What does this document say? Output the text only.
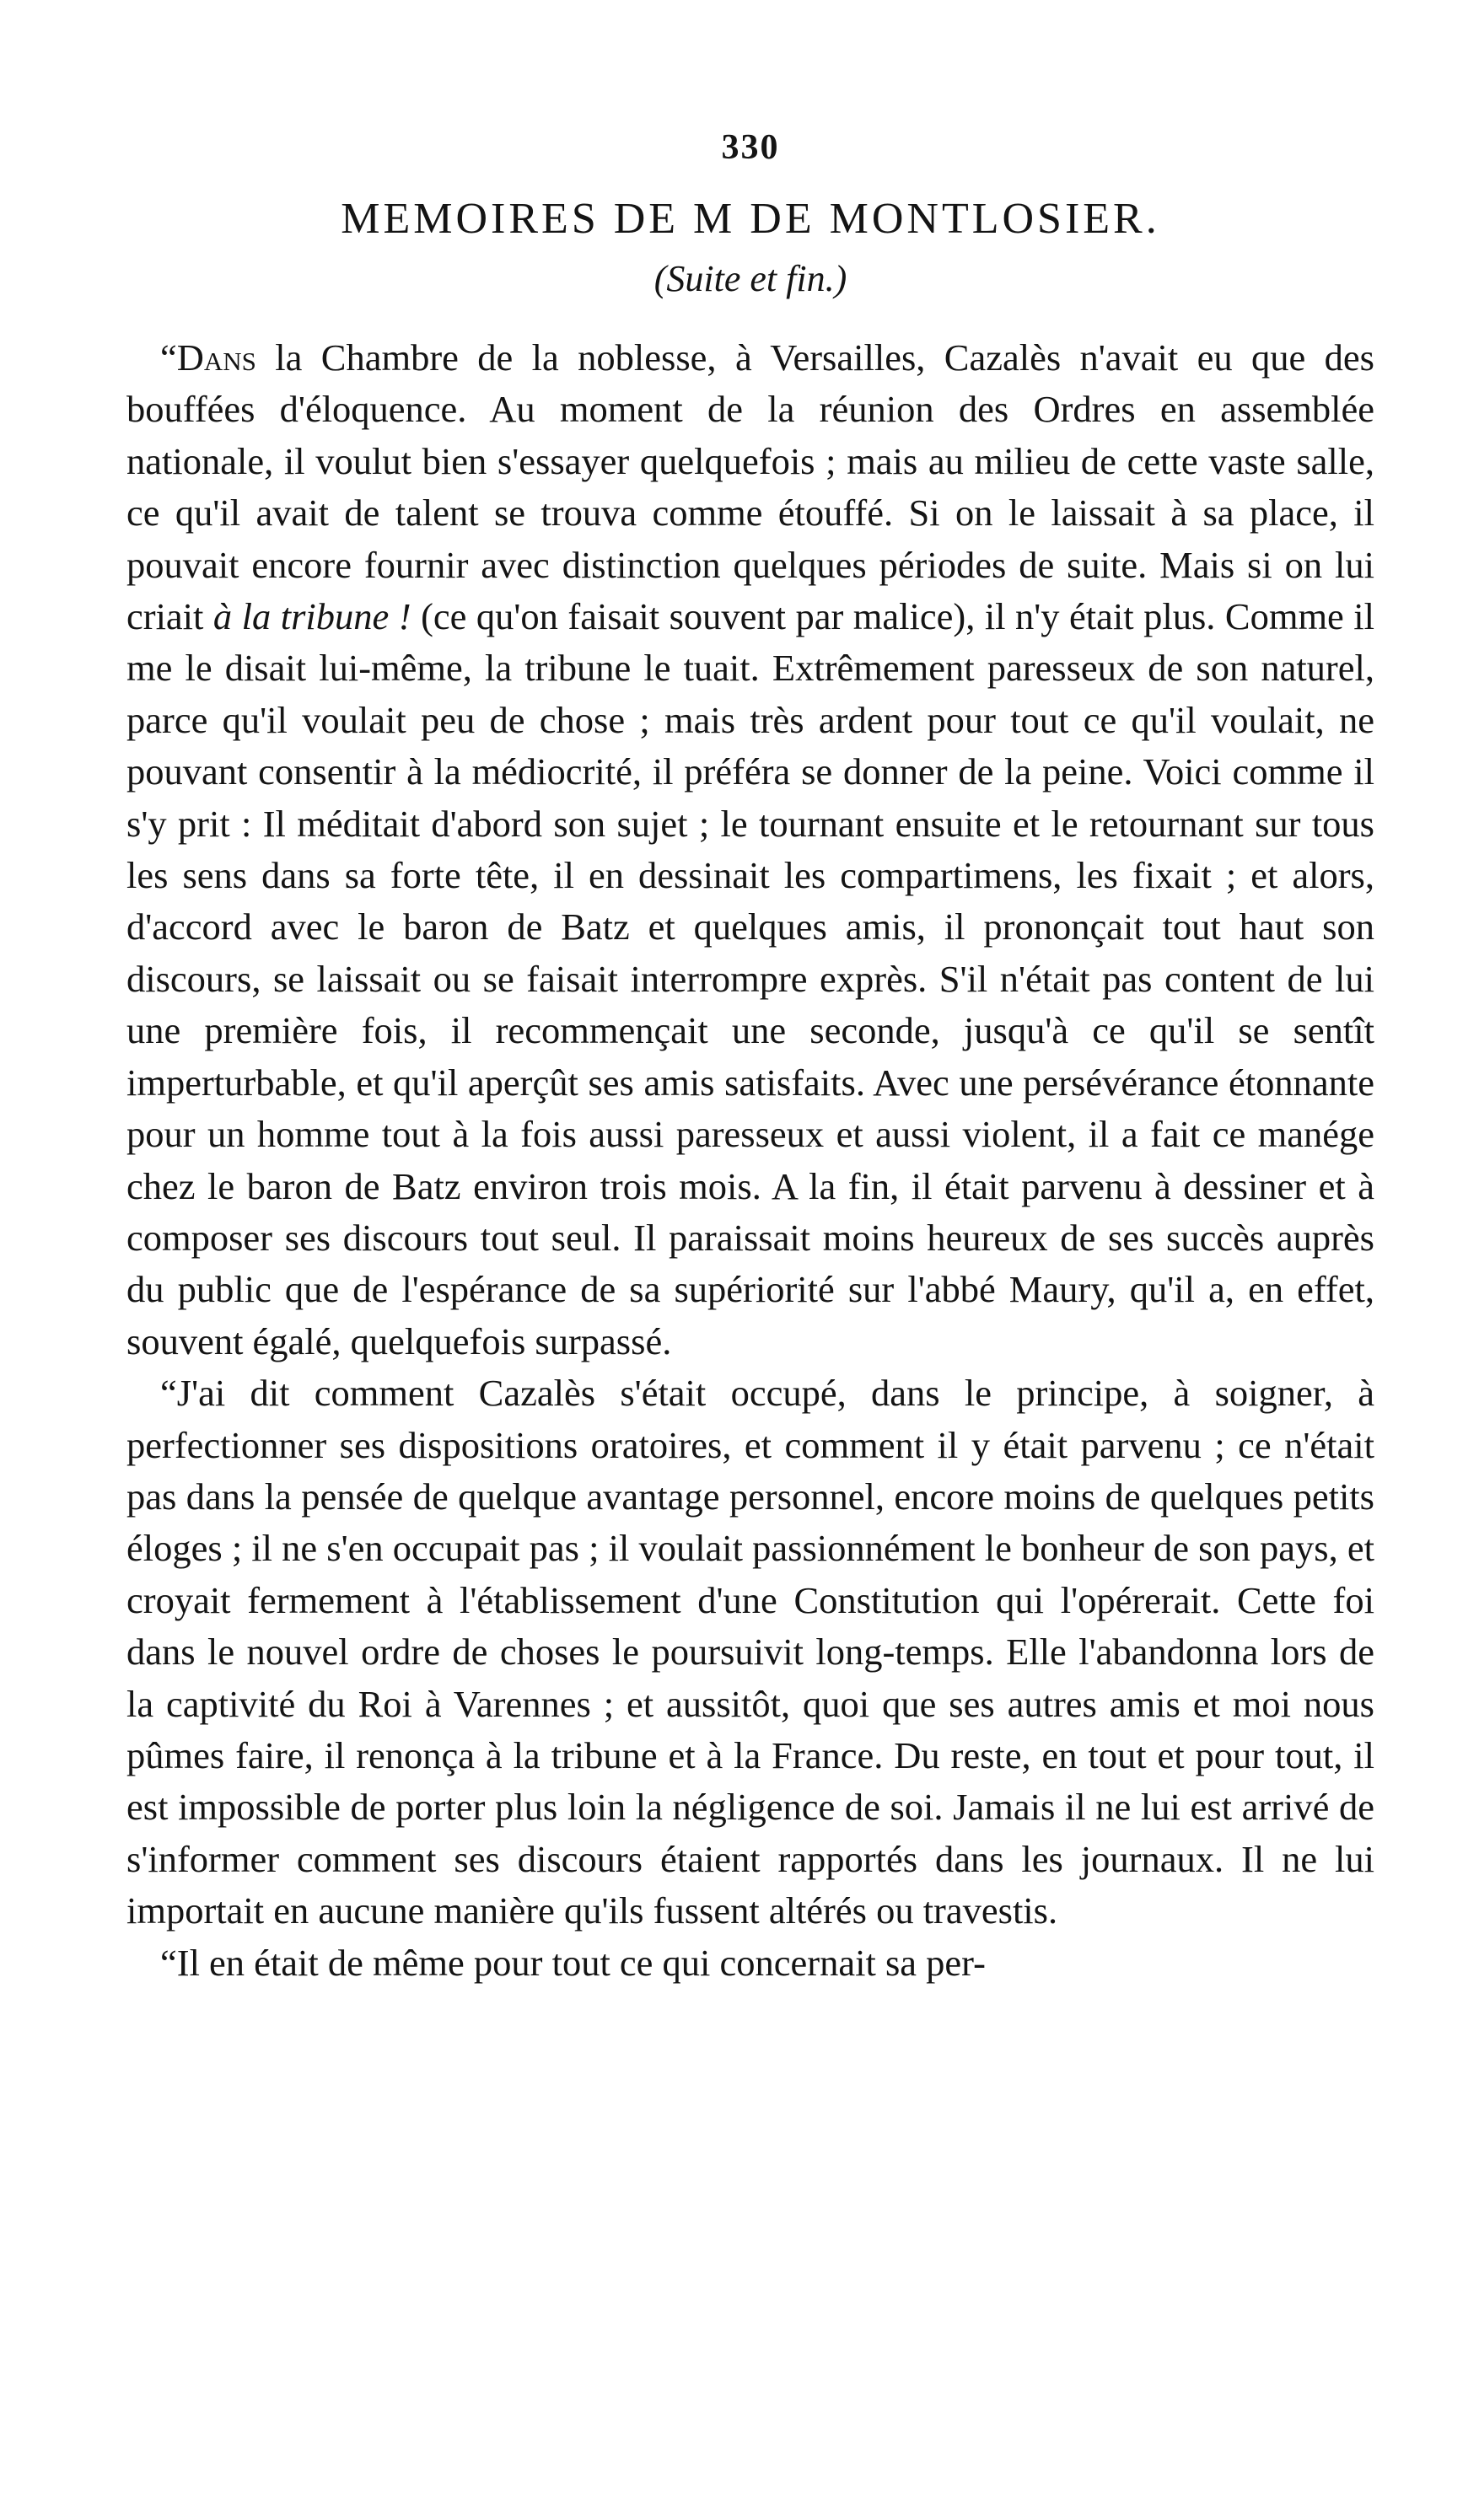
330
MEMOIRES DE M DE MONTLOSIER.
(Suite et fin.)

“Dans la Chambre de la noblesse, à Versailles, Cazalès n'avait eu que des bouffées d'éloquence. Au moment de la réunion des Ordres en assemblée nationale, il voulut bien s'essayer quelquefois ; mais au milieu de cette vaste salle, ce qu'il avait de talent se trouva comme étouffé. Si on le laissait à sa place, il pouvait encore fournir avec distinction quelques périodes de suite. Mais si on lui criait à la tribune ! (ce qu'on faisait souvent par malice), il n'y était plus. Comme il me le disait lui-même, la tribune le tuait. Extrêmement paresseux de son naturel, parce qu'il voulait peu de chose ; mais très ardent pour tout ce qu'il voulait, ne pouvant consentir à la médiocrité, il préféra se donner de la peine. Voici comme il s'y prit : Il méditait d'abord son sujet ; le tournant ensuite et le retournant sur tous les sens dans sa forte tête, il en dessinait les compartimens, les fixait ; et alors, d'accord avec le baron de Batz et quelques amis, il prononçait tout haut son discours, se laissait ou se faisait interrompre exprès. S'il n'était pas content de lui une première fois, il recommençait une seconde, jusqu'à ce qu'il se sentît imperturbable, et qu'il aperçût ses amis satisfaits. Avec une persévérance étonnante pour un homme tout à la fois aussi paresseux et aussi violent, il a fait ce manége chez le baron de Batz environ trois mois. A la fin, il était parvenu à dessiner et à composer ses discours tout seul. Il paraissait moins heureux de ses succès auprès du public que de l'espérance de sa supériorité sur l'abbé Maury, qu'il a, en effet, souvent égalé, quelquefois surpassé.

“J'ai dit comment Cazalès s'était occupé, dans le principe, à soigner, à perfectionner ses dispositions oratoires, et comment il y était parvenu ; ce n'était pas dans la pensée de quelque avantage personnel, encore moins de quelques petits éloges ; il ne s'en occupait pas ; il voulait passionnément le bonheur de son pays, et croyait fermement à l'établissement d'une Constitution qui l'opérerait. Cette foi dans le nouvel ordre de choses le poursuivit long-temps. Elle l'abandonna lors de la captivité du Roi à Varennes ; et aussitôt, quoi que ses autres amis et moi nous pûmes faire, il renonça à la tribune et à la France. Du reste, en tout et pour tout, il est impossible de porter plus loin la négligence de soi. Jamais il ne lui est arrivé de s'informer comment ses discours étaient rapportés dans les journaux. Il ne lui importait en aucune manière qu'ils fussent altérés ou travestis.

“Il en était de même pour tout ce qui concernait sa per-
